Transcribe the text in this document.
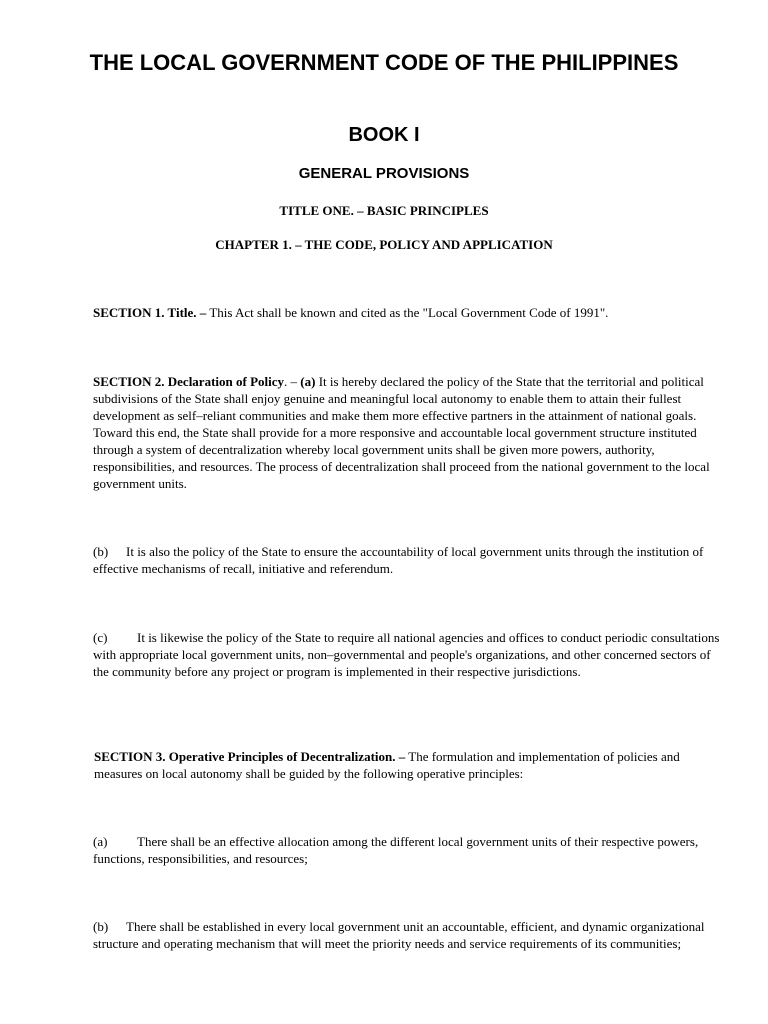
THE LOCAL GOVERNMENT CODE OF THE PHILIPPINES
BOOK I
GENERAL PROVISIONS
TITLE ONE. – BASIC PRINCIPLES
CHAPTER 1. – THE CODE, POLICY AND APPLICATION

SECTION 1. Title. – This Act shall be known and cited as the "Local Government Code of 1991".

SECTION 2. Declaration of Policy. – (a) It is hereby declared the policy of the State that the territorial and political subdivisions of the State shall enjoy genuine and meaningful local autonomy to enable them to attain their fullest development as self–reliant communities and make them more effective partners in the attainment of national goals. Toward this end, the State shall provide for a more responsive and accountable local government structure instituted through a system of decentralization whereby local government units shall be given more powers, authority, responsibilities, and resources. The process of decentralization shall proceed from the national government to the local government units.

(b) It is also the policy of the State to ensure the accountability of local government units through the institution of effective mechanisms of recall, initiative and referendum.

(c) It is likewise the policy of the State to require all national agencies and offices to conduct periodic consultations with appropriate local government units, non–governmental and people's organizations, and other concerned sectors of the community before any project or program is implemented in their respective jurisdictions.

SECTION 3. Operative Principles of Decentralization. – The formulation and implementation of policies and measures on local autonomy shall be guided by the following operative principles:

(a) There shall be an effective allocation among the different local government units of their respective powers, functions, responsibilities, and resources;

(b) There shall be established in every local government unit an accountable, efficient, and dynamic organizational structure and operating mechanism that will meet the priority needs and service requirements of its communities;
